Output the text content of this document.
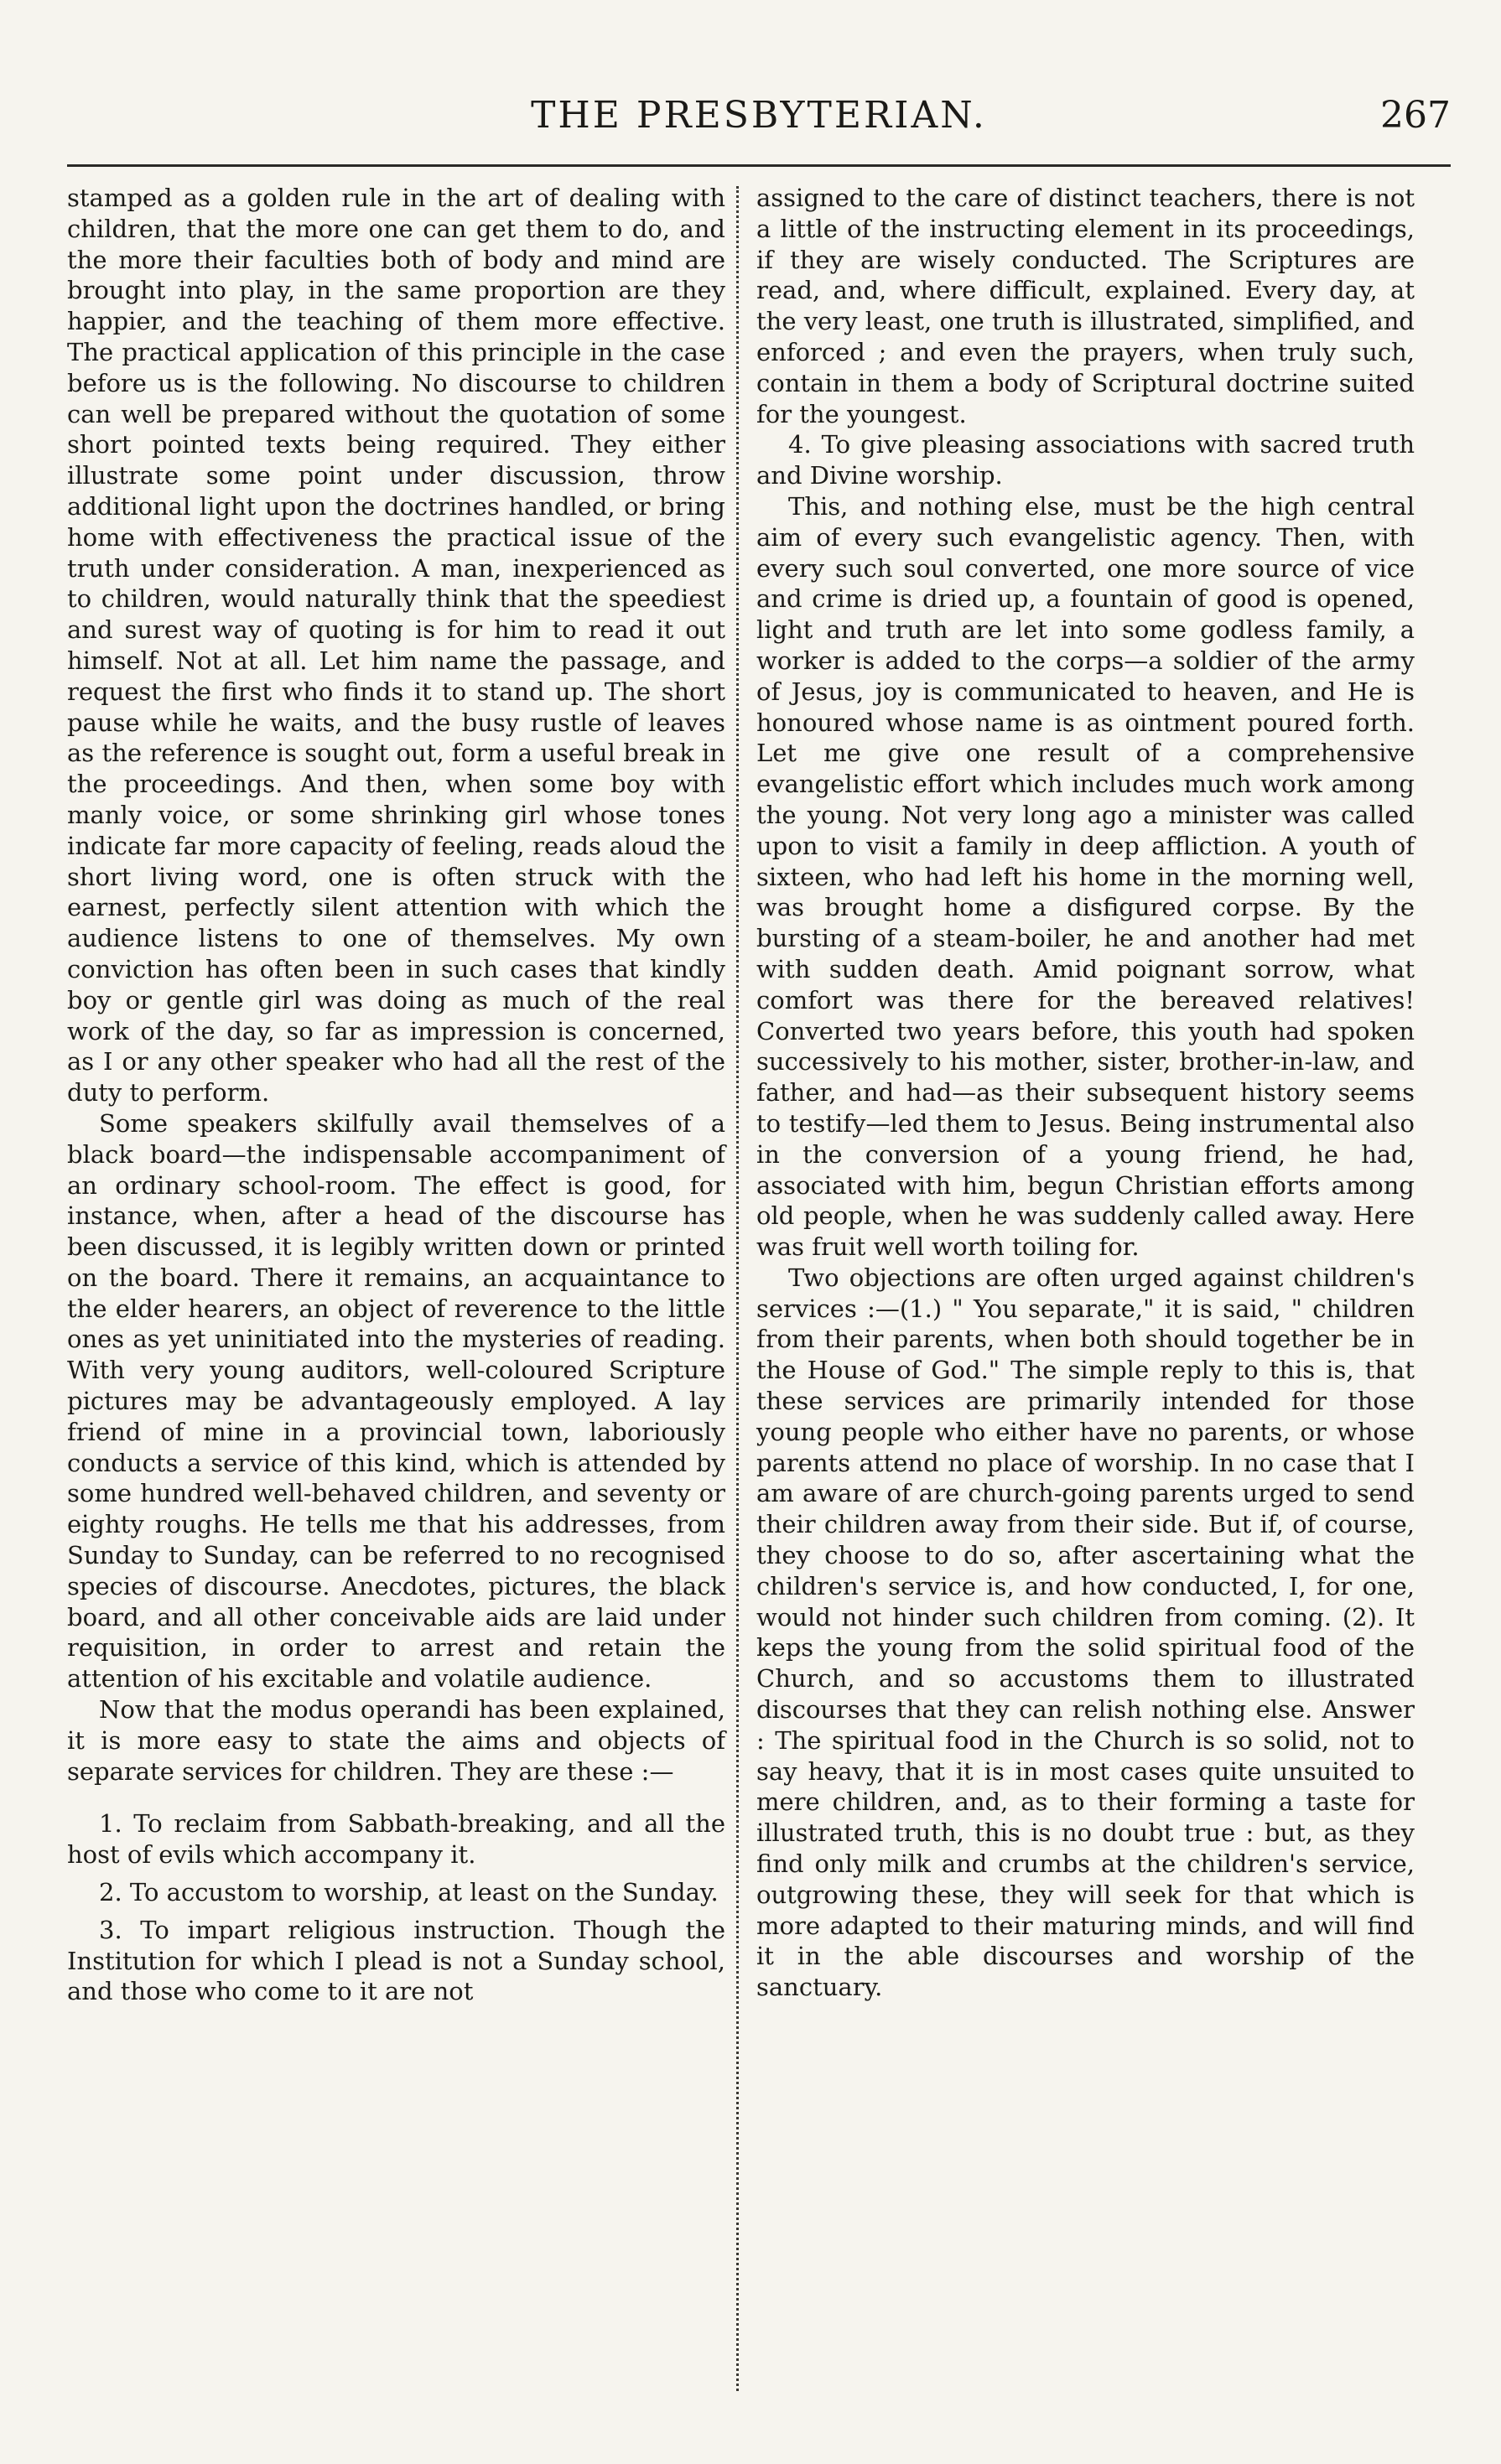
THE PRESBYTERIAN.	267

stamped as a golden rule in the art of dealing with children, that the more one can get them to do, and the more their faculties both of body and mind are brought into play, in the same proportion are they happier, and the teaching of them more effective. The practical application of this principle in the case before us is the following. No discourse to children can well be prepared without the quotation of some short pointed texts being required. They either illustrate some point under discussion, throw additional light upon the doctrines handled, or bring home with effectiveness the practical issue of the truth under consideration. A man, inexperienced as to children, would naturally think that the speediest and surest way of quoting is for him to read it out himself. Not at all. Let him name the passage, and request the first who finds it to stand up. The short pause while he waits, and the busy rustle of leaves as the reference is sought out, form a useful break in the proceedings. And then, when some boy with manly voice, or some shrinking girl whose tones indicate far more capacity of feeling, reads aloud the short living word, one is often struck with the earnest, perfectly silent attention with which the audience listens to one of themselves. My own conviction has often been in such cases that kindly boy or gentle girl was doing as much of the real work of the day, so far as impression is concerned, as I or any other speaker who had all the rest of the duty to perform.

Some speakers skilfully avail themselves of a black board—the indispensable accompaniment of an ordinary school-room. The effect is good, for instance, when, after a head of the discourse has been discussed, it is legibly written down or printed on the board. There it remains, an acquaintance to the elder hearers, an object of reverence to the little ones as yet uninitiated into the mysteries of reading. With very young auditors, well-coloured Scripture pictures may be advantageously employed. A lay friend of mine in a provincial town, laboriously conducts a service of this kind, which is attended by some hundred well-behaved children, and seventy or eighty roughs. He tells me that his addresses, from Sunday to Sunday, can be referred to no recognised species of discourse. Anecdotes, pictures, the black board, and all other conceivable aids are laid under requisition, in order to arrest and retain the attention of his excitable and volatile audience.

Now that the modus operandi has been explained, it is more easy to state the aims and objects of separate services for children. They are these :—

1. To reclaim from Sabbath-breaking, and all the host of evils which accompany it.

2. To accustom to worship, at least on the Sunday.

3. To impart religious instruction. Though the Institution for which I plead is not a Sunday school, and those who come to it are not

assigned to the care of distinct teachers, there is not a little of the instructing element in its proceedings, if they are wisely conducted. The Scriptures are read, and, where difficult, explained. Every day, at the very least, one truth is illustrated, simplified, and enforced ; and even the prayers, when truly such, contain in them a body of Scriptural doctrine suited for the youngest.

4. To give pleasing associations with sacred truth and Divine worship.

This, and nothing else, must be the high central aim of every such evangelistic agency. Then, with every such soul converted, one more source of vice and crime is dried up, a fountain of good is opened, light and truth are let into some godless family, a worker is added to the corps—a soldier of the army of Jesus, joy is communicated to heaven, and He is honoured whose name is as ointment poured forth. Let me give one result of a comprehensive evangelistic effort which includes much work among the young. Not very long ago a minister was called upon to visit a family in deep affliction. A youth of sixteen, who had left his home in the morning well, was brought home a disfigured corpse. By the bursting of a steam-boiler, he and another had met with sudden death. Amid poignant sorrow, what comfort was there for the bereaved relatives! Converted two years before, this youth had spoken successively to his mother, sister, brother-in-law, and father, and had—as their subsequent history seems to testify—led them to Jesus. Being instrumental also in the conversion of a young friend, he had, associated with him, begun Christian efforts among old people, when he was suddenly called away. Here was fruit well worth toiling for.

Two objections are often urged against children's services :—(1.) " You separate," it is said, " children from their parents, when both should together be in the House of God." The simple reply to this is, that these services are primarily intended for those young people who either have no parents, or whose parents attend no place of worship. In no case that I am aware of are church-going parents urged to send their children away from their side. But if, of course, they choose to do so, after ascertaining what the children's service is, and how conducted, I, for one, would not hinder such children from coming. (2). It keps the young from the solid spiritual food of the Church, and so accustoms them to illustrated discourses that they can relish nothing else. Answer : The spiritual food in the Church is so solid, not to say heavy, that it is in most cases quite unsuited to mere children, and, as to their forming a taste for illustrated truth, this is no doubt true : but, as they find only milk and crumbs at the children's service, outgrowing these, they will seek for that which is more adapted to their maturing minds, and will find it in the able discourses and worship of the sanctuary.
